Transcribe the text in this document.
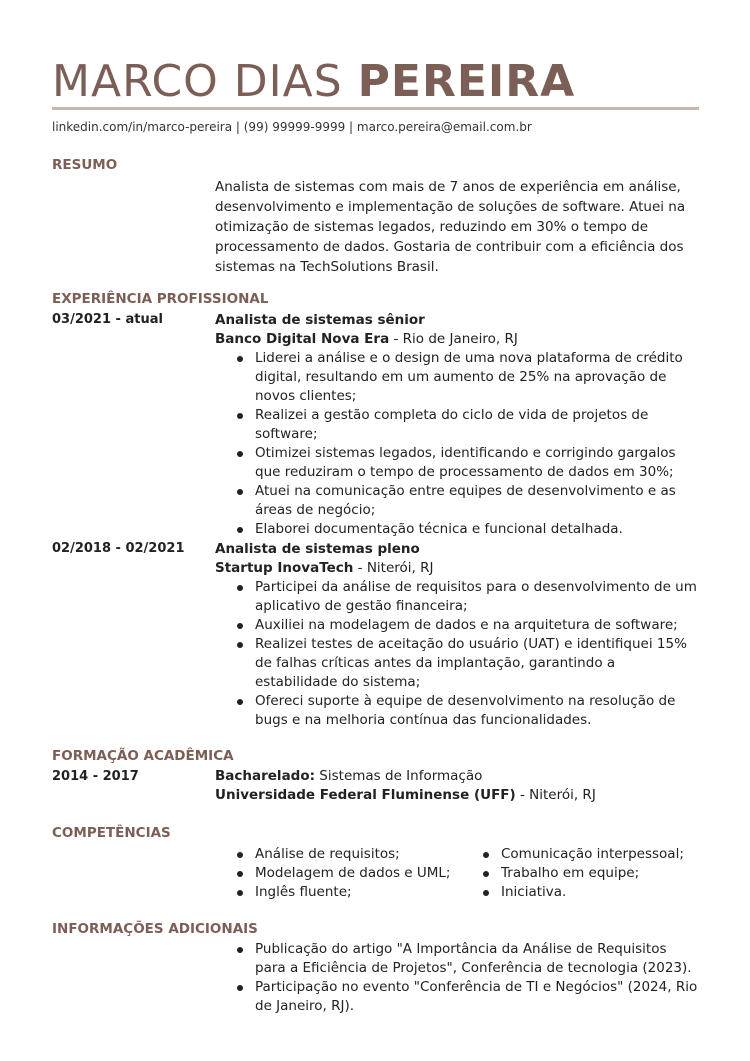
MARCO DIAS PEREIRA
linkedin.com/in/marco-pereira | (99) 99999-9999 | marco.pereira@email.com.br
RESUMO
Analista de sistemas com mais de 7 anos de experiência em análise, desenvolvimento e implementação de soluções de software. Atuei na otimização de sistemas legados, reduzindo em 30% o tempo de processamento de dados. Gostaria de contribuir com a eficiência dos sistemas na TechSolutions Brasil.
EXPERIÊNCIA PROFISSIONAL
03/2021 - atual	Analista de sistemas sênior
Banco Digital Nova Era - Rio de Janeiro, RJ
Liderei a análise e o design de uma nova plataforma de crédito digital, resultando em um aumento de 25% na aprovação de novos clientes;
Realizei a gestão completa do ciclo de vida de projetos de software;
Otimizei sistemas legados, identificando e corrigindo gargalos que reduziram o tempo de processamento de dados em 30%;
Atuei na comunicação entre equipes de desenvolvimento e as áreas de negócio;
Elaborei documentação técnica e funcional detalhada.
02/2018 - 02/2021 Analista de sistemas pleno
Startup InovaTech - Niterói, RJ
Participei da análise de requisitos para o desenvolvimento de um aplicativo de gestão financeira;
Auxiliei na modelagem de dados e na arquitetura de software;
Realizei testes de aceitação do usuário (UAT) e identifiquei 15% de falhas críticas antes da implantação, garantindo a estabilidade do sistema;
Ofereci suporte à equipe de desenvolvimento na resolução de bugs e na melhoria contínua das funcionalidades.
FORMAÇÃO ACADÊMICA
2014 - 2017	Bacharelado: Sistemas de Informação
Universidade Federal Fluminense (UFF) - Niterói, RJ
COMPETÊNCIAS
Análise de requisitos;
Modelagem de dados e UML;
Inglês fluente;
Comunicação interpessoal;
Trabalho em equipe;
Iniciativa.
INFORMAÇÕES ADICIONAIS
Publicação do artigo "A Importância da Análise de Requisitos para a Eficiência de Projetos", Conferência de tecnologia (2023).
Participação no evento "Conferência de TI e Negócios" (2024, Rio de Janeiro, RJ).
